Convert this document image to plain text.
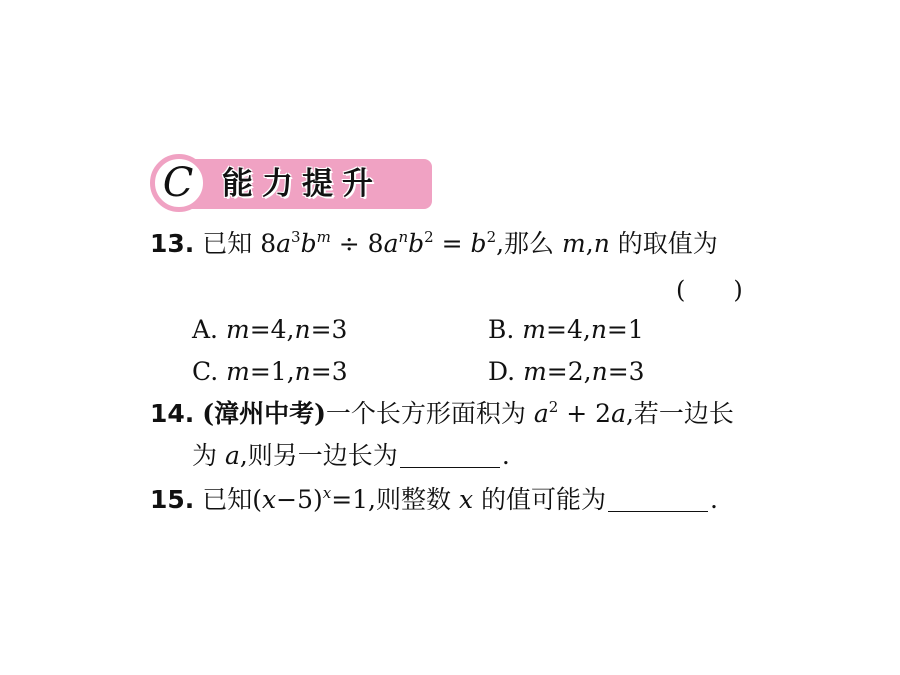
C 能力提升
13. 已知 $8a^3b^m \div 8a^nb^2 = b^2$,那么 m,n 的取值为
(　　)
A. m=4,n=3	B. m=4,n=1
C. m=1,n=3	D. m=2,n=3
14. (漳州中考)一个长方形面积为 $a^2 + 2a$,若一边长
为 a,则另一边长为	.
15. 已知$(x-5)^x=1$,则整数 x 的值可能为	.
